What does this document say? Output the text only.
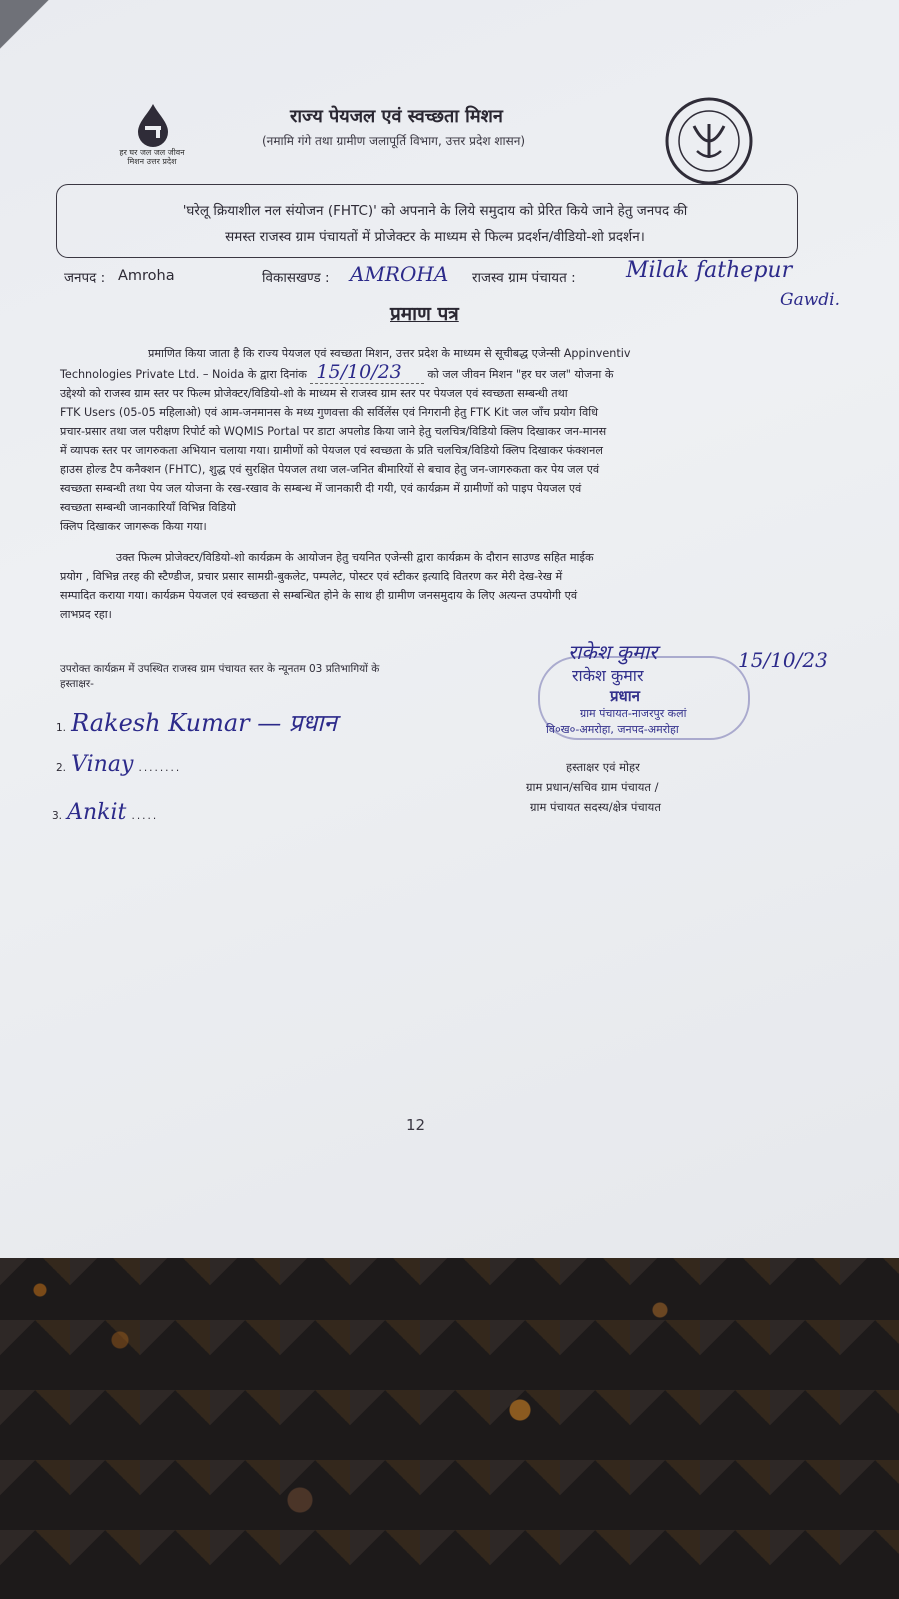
हर घर जल जल जीवन मिशन उत्तर प्रदेश
राज्य पेयजल एवं स्वच्छता मिशन
(नमामि गंगे तथा ग्रामीण जलापूर्ति विभाग, उत्तर प्रदेश शासन)
'घरेलू क्रियाशील नल संयोजन (FHTC)' को अपनाने के लिये समुदाय को प्रेरित किये जाने हेतु जनपद की
समस्त राजस्व ग्राम पंचायतों में प्रोजेक्टर के माध्यम से फिल्म प्रदर्शन/वीडियो-शो प्रदर्शन।
जनपद : Amroha	विकासखण्ड : AMROHA राजस्व ग्राम पंचायत : Milak fathepur
Gawdi.
प्रमाण पत्र
प्रमाणित किया जाता है कि राज्य पेयजल एवं स्वच्छता मिशन, उत्तर प्रदेश के माध्यम से सूचीबद्ध एजेन्सी Appinventiv
Technologies Private Ltd. – Noida के द्वारा दिनांक 15/10/23 को जल जीवन मिशन "हर घर जल" योजना के
उद्देश्यो को राजस्व ग्राम स्तर पर फिल्म प्रोजेक्टर/विडियो-शो के माध्यम से राजस्व ग्राम स्तर पर पेयजल एवं स्वच्छता सम्बन्धी तथा
FTK Users (05-05 महिलाओ) एवं आम-जनमानस के मध्य गुणवत्ता की सर्विलेंस एवं निगरानी हेतु FTK Kit जल जाँच प्रयोग विधि
प्रचार-प्रसार तथा जल परीक्षण रिपोर्ट को WQMIS Portal पर डाटा अपलोड किया जाने हेतु चलचित्र/विडियो क्लिप दिखाकर जन-मानस
में व्यापक स्तर पर जागरुकता अभियान चलाया गया। ग्रामीणों को पेयजल एवं स्वच्छता के प्रति चलचित्र/विडियो क्लिप दिखाकर फंक्शनल
हाउस होल्ड टैप कनैक्शन (FHTC), शुद्ध एवं सुरक्षित पेयजल तथा जल-जनित बीमारियों से बचाव हेतु जन-जागरुकता कर पेय जल एवं
स्वच्छता सम्बन्धी तथा पेय जल योजना के रख-रखाव के सम्बन्ध में जानकारी दी गयी, एवं कार्यक्रम में ग्रामीणों को पाइप पेयजल एवं
स्वच्छता सम्बन्धी जानकारियाँ विभिन्न विडियो
क्लिप दिखाकर जागरूक किया गया।
उक्त फिल्म प्रोजेक्टर/विडियो-शो कार्यक्रम के आयोजन हेतु चयनित एजेन्सी द्वारा कार्यक्रम के दौरान साउण्ड सहित माईक
प्रयोग , विभिन्न तरह की स्टैण्डीज, प्रचार प्रसार सामग्री-बुकलेट, पम्पलेट, पोस्टर एवं स्टीकर इत्यादि वितरण कर मेरी देख-रेख में
सम्पादित कराया गया। कार्यक्रम पेयजल एवं स्वच्छता से सम्बन्धित होने के साथ ही ग्रामीण जनसमुदाय के लिए अत्यन्त उपयोगी एवं
लाभप्रद रहा।
उपरोक्त कार्यक्रम में उपस्थित राजस्व ग्राम पंचायत स्तर के न्यूनतम 03 प्रतिभागियों के
हस्ताक्षर-
1. Rakesh Kumar — प्रधान
2. Vinay ........
3. Ankit .....
राकेश कुमार	15/10/23
राकेश कुमार
प्रधान
ग्राम पंचायत-नाजरपुर कलां
वि०ख०-अमरोहा, जनपद-अमरोहा
हस्ताक्षर एवं मोहर
ग्राम प्रधान/सचिव ग्राम पंचायत /
ग्राम पंचायत सदस्य/क्षेत्र पंचायत
12
